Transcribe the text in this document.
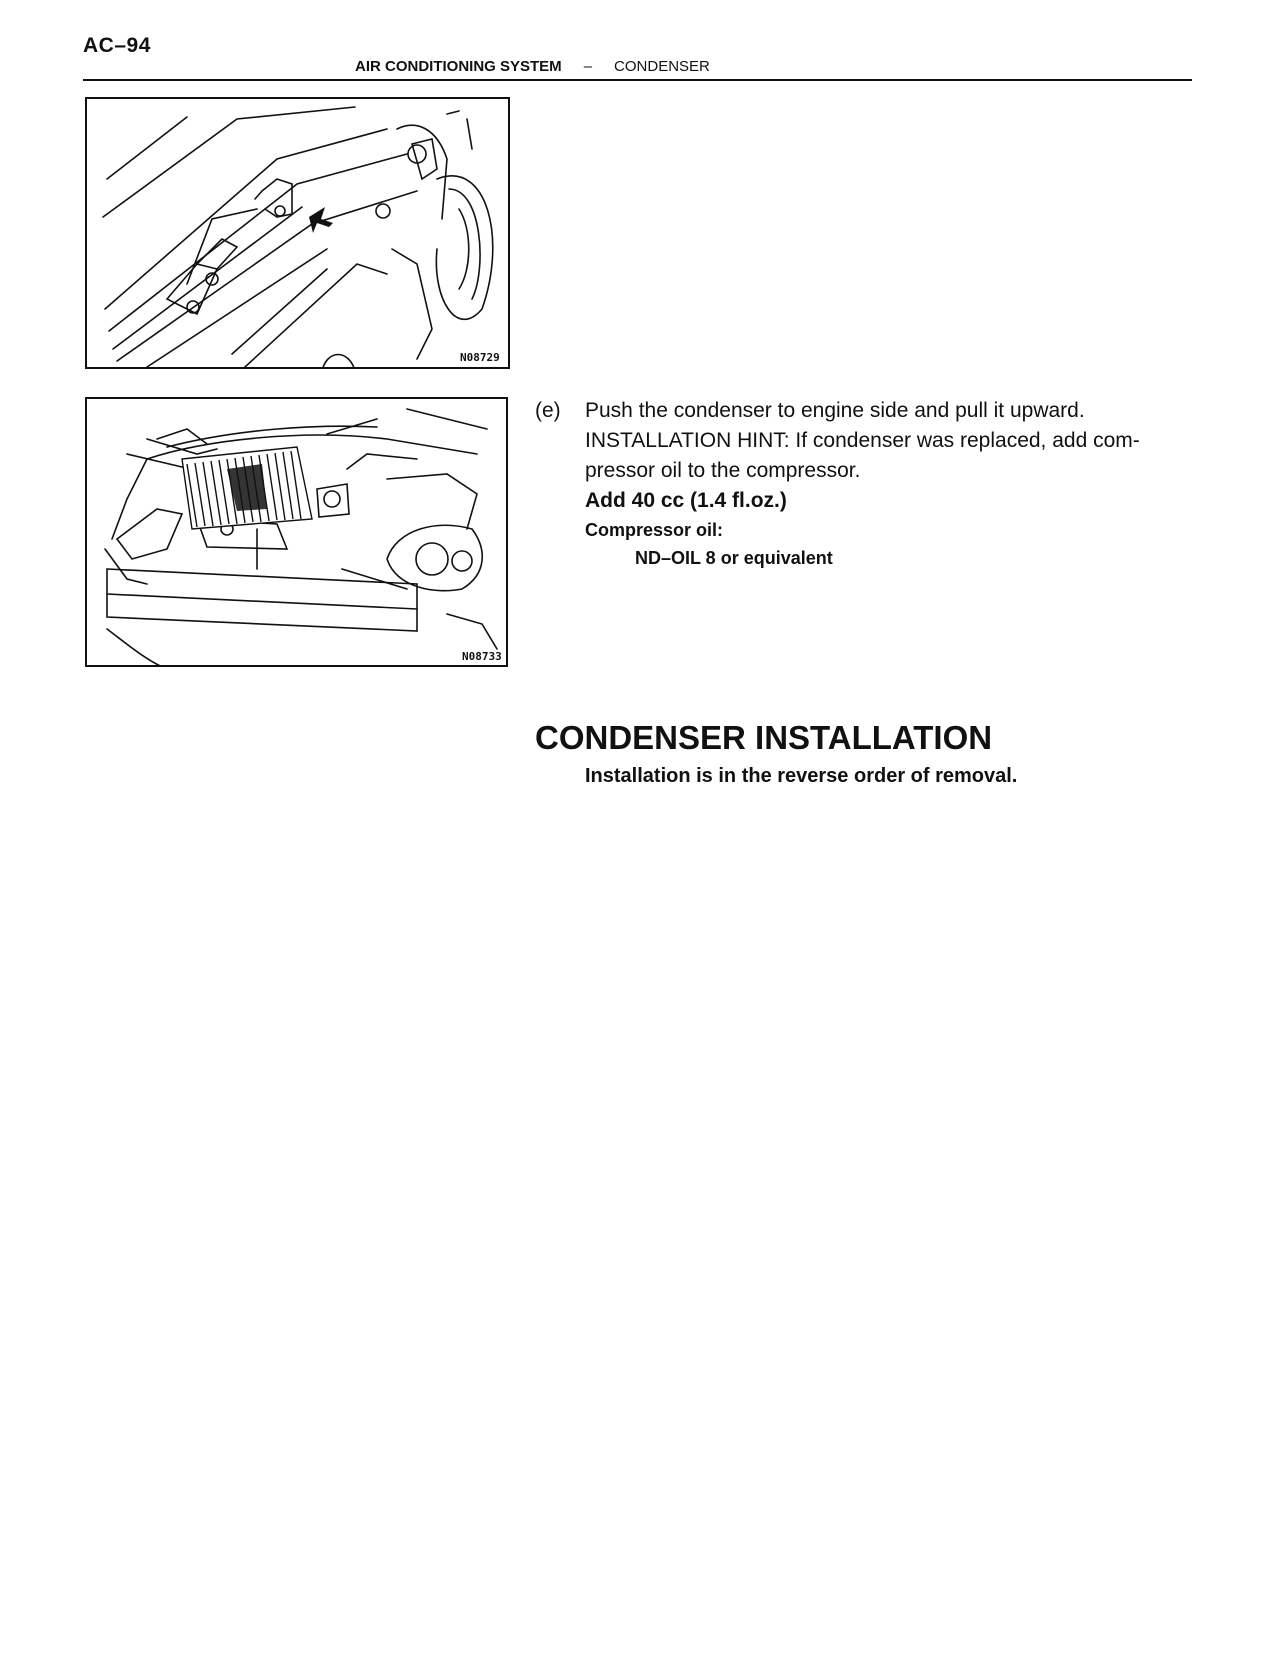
AC–94
AIR CONDITIONING SYSTEM – CONDENSER
N08729
N08733
(e) Push the condenser to engine side and pull it upward.
INSTALLATION HINT: If condenser was replaced, add com-
pressor oil to the compressor.
Add 40 cc (1.4 fl.oz.)
Compressor oil:
ND–OIL 8 or equivalent
CONDENSER INSTALLATION
Installation is in the reverse order of removal.
